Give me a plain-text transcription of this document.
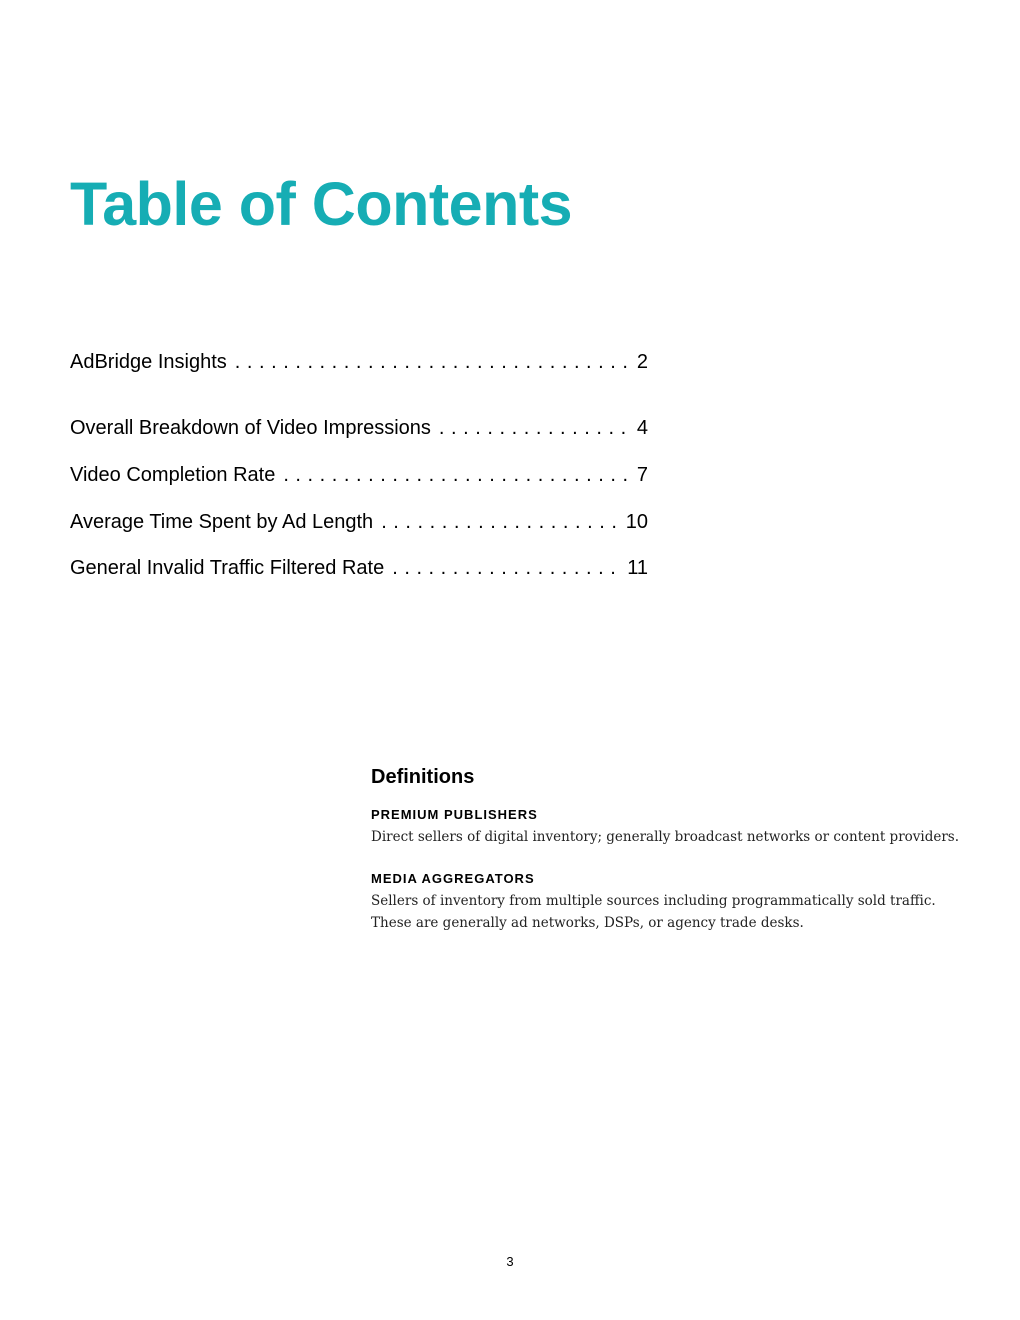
Table of Contents
AdBridge Insights . . .	2
Overall Breakdown of Video Impressions . . .	4
Video Completion Rate . . .	7
Average Time Spent by Ad Length . . .	10
General Invalid Traffic Filtered Rate . . .	11
Definitions
PREMIUM PUBLISHERS
Direct sellers of digital inventory; generally broadcast networks or content providers.
MEDIA AGGREGATORS
Sellers of inventory from multiple sources including programmatically sold traffic.
These are generally ad networks, DSPs, or agency trade desks.
3
